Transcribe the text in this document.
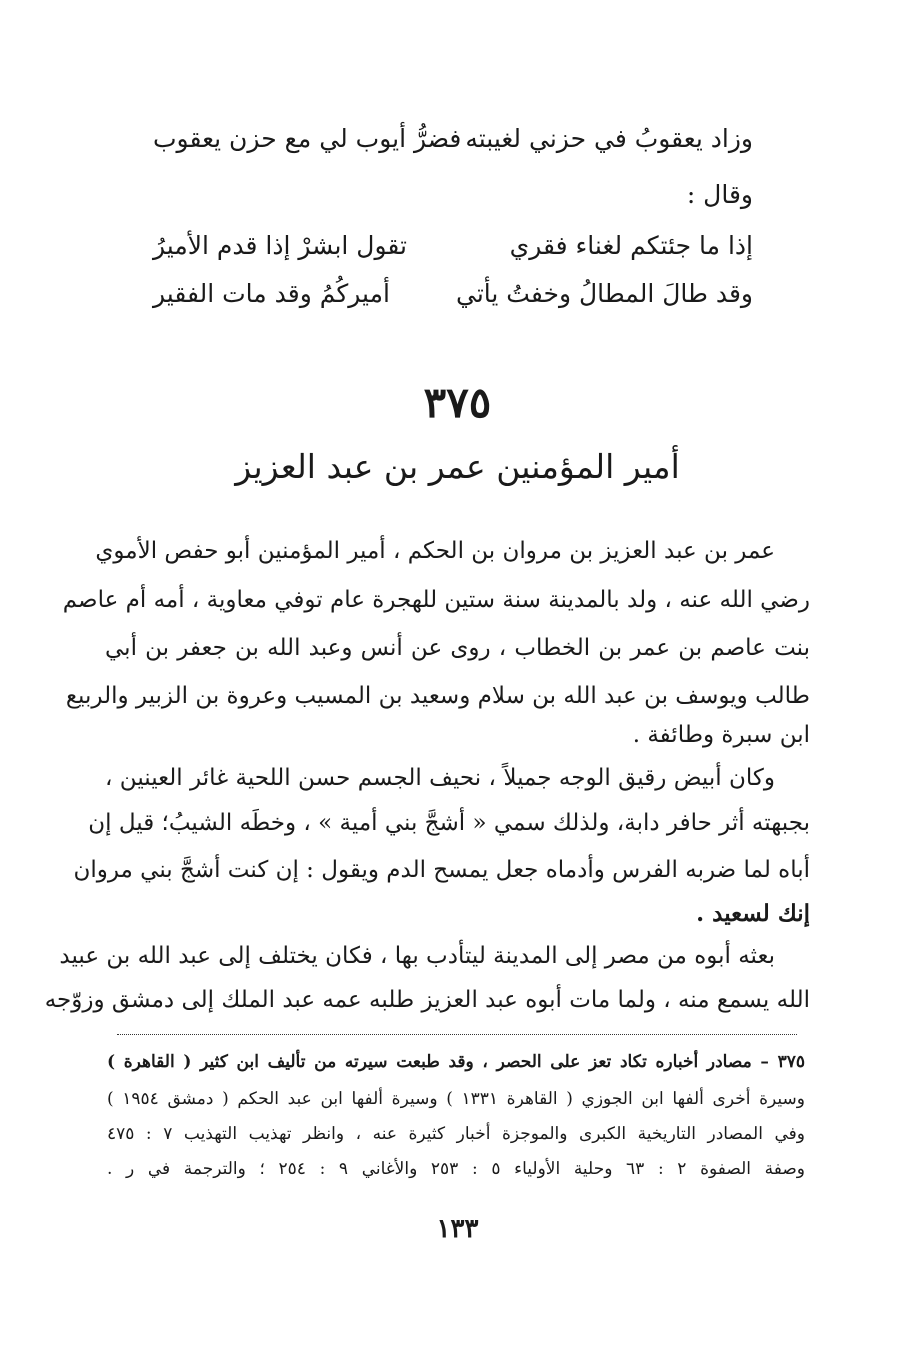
وزاد يعقوبُ في حزني لغيبته
فضرُّ أيوب لي مع حزن يعقوب
وقال :
إذا ما جئتكم لغناء فقري
تقول ابشرْ إذا قدم الأميرُ
وقد طالَ المطالُ وخفتُ يأتي
أميركُمُ وقد مات الفقير
٣٧٥
أمير المؤمنين عمر بن عبد العزيز
عمر بن عبد العزيز بن مروان بن الحكم ، أمير المؤمنين أبو حفص الأموي
رضي الله عنه ، ولد بالمدينة سنة ستين للهجرة عام توفي معاوية ، أمه أم عاصم
بنت عاصم بن عمر بن الخطاب ، روى عن أنس وعبد الله بن جعفر بن أبي
طالب ويوسف بن عبد الله بن سلام وسعيد بن المسيب وعروة بن الزبير والربيع
ابن سبرة وطائفة .
وكان أبيض رقيق الوجه جميلاً ، نحيف الجسم حسن اللحية غائر العينين ،
بجبهته أثر حافر دابة، ولذلك سمي « أشجَّ بني أمية » ، وخطَه الشيبُ؛ قيل إن
أباه لما ضربه الفرس وأدماه جعل يمسح الدم ويقول : إن كنت أشجَّ بني مروان
إنك لسعيد .
بعثه أبوه من مصر إلى المدينة ليتأدب بها ، فكان يختلف إلى عبد الله بن عبيد
الله يسمع منه ، ولما مات أبوه عبد العزيز طلبه عمه عبد الملك إلى دمشق وزوّجه
٣٧٥ – مصادر أخباره تكاد تعز على الحصر ، وقد طبعت سيرته من تأليف ابن كثير ( القاهرة )
وسيرة أخرى ألفها ابن الجوزي ( القاهرة ١٣٣١ ) وسيرة ألفها ابن عبد الحكم ( دمشق ١٩٥٤ )
وفي المصادر التاريخية الكبرى والموجزة أخبار كثيرة عنه ، وانظر تهذيب التهذيب ٧ : ٤٧٥
وصفة الصفوة ٢ : ٦٣ وحلية الأولياء ٥ : ٢٥٣ والأغاني ٩ : ٢٥٤ ؛ والترجمة في ر .
١٣٣
